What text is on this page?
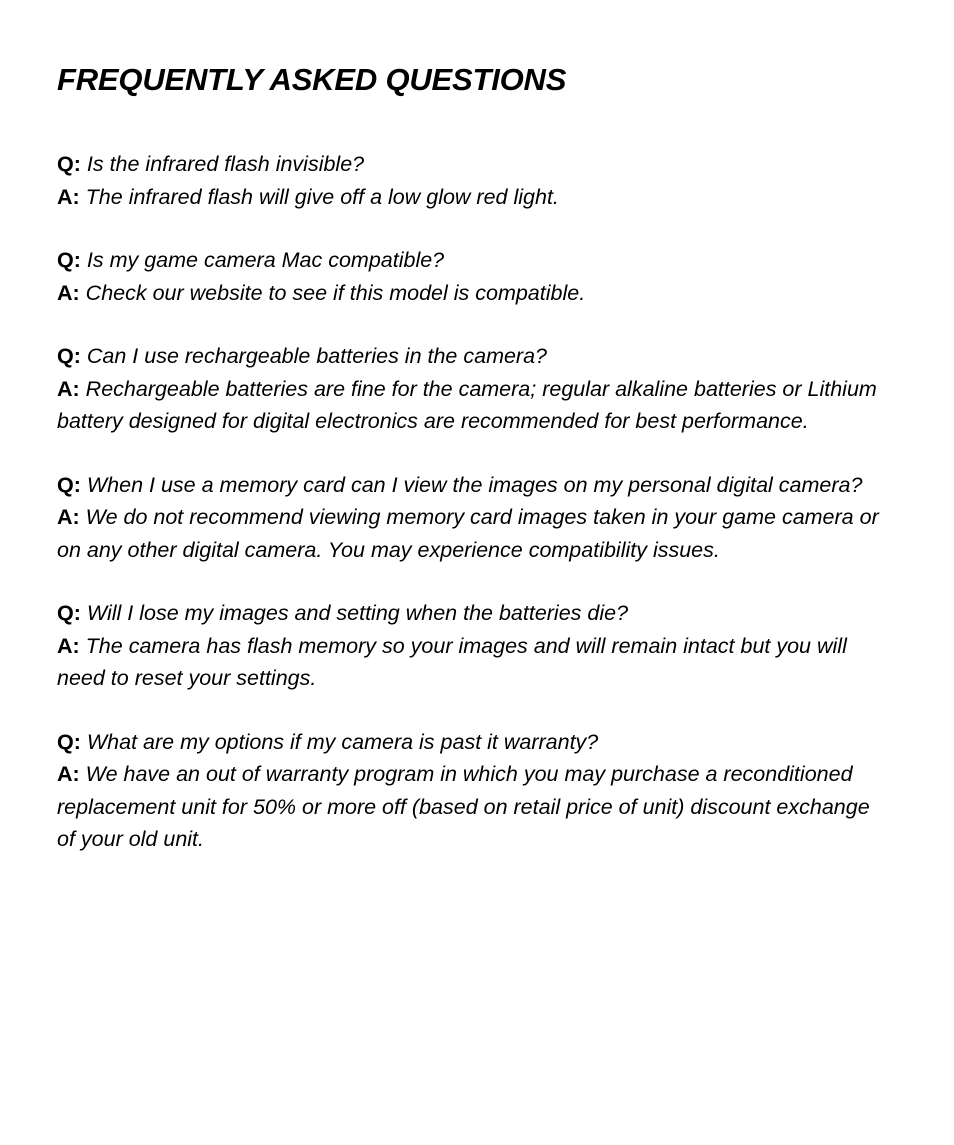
FREQUENTLY ASKED QUESTIONS

Q: Is the infrared flash invisible?

A: The infrared flash will give off a low glow red light.

Q: Is my game camera Mac compatible?

A: Check our website to see if this model is compatible.

Q: Can I use rechargeable batteries in the camera?

A: Rechargeable batteries are fine for the camera; regular alkaline batteries or Lithium battery designed for digital electronics are recommended for best performance.

Q: When I use a memory card can I view the images on my personal digital camera?

A: We do not recommend viewing memory card images taken in your game camera or on any other digital camera. You may experience compatibility issues.

Q: Will I lose my images and setting when the batteries die?

A: The camera has flash memory so your images and will remain intact but you will need to reset your settings.

Q: What are my options if my camera is past it warranty?

A: We have an out of warranty program in which you may purchase a reconditioned replacement unit for 50% or more off (based on retail price of unit) discount exchange of your old unit.
